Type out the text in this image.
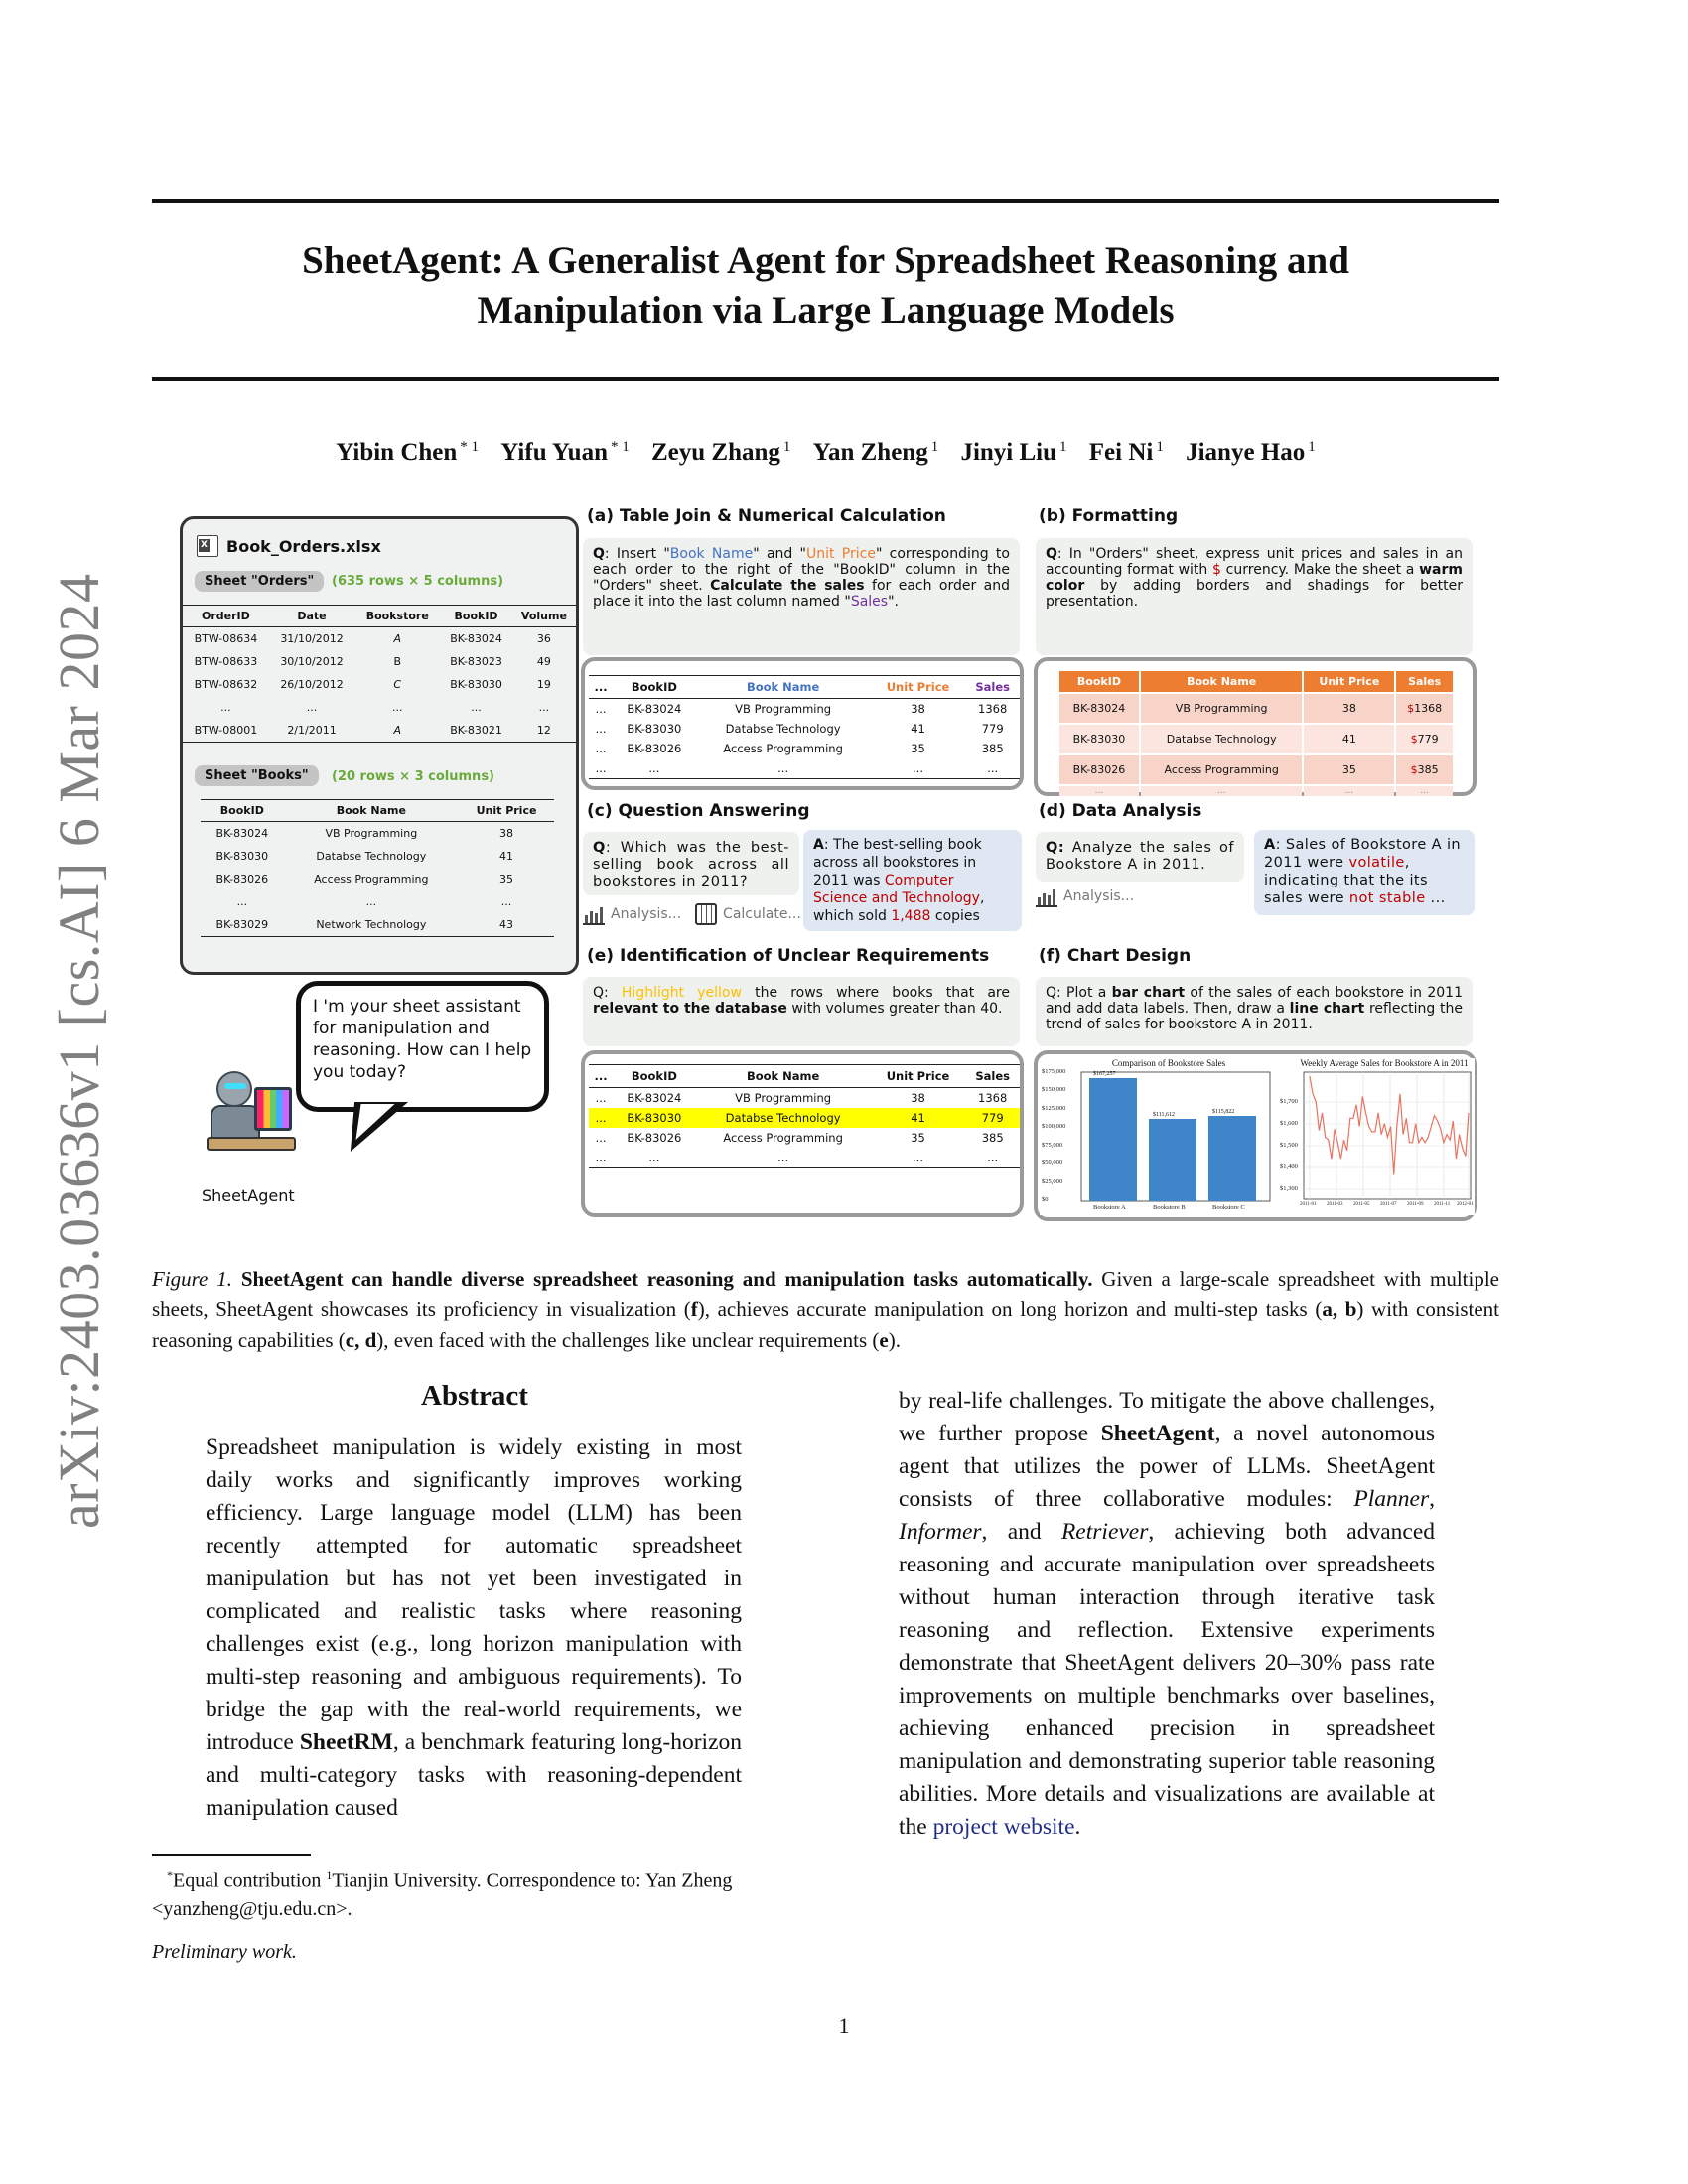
arXiv:2403.03636v1 [cs.AI] 6 Mar 2024
SheetAgent: A Generalist Agent for Spreadsheet Reasoning and
Manipulation via Large Language Models
Yibin Chen $^{* 1}$ Yifu Yuan $^{* 1}$ Zeyu Zhang $^1$ Yan Zheng $^1$ Jinyi Liu $^1$ Fei Ni $^1$ Jianye Hao $^1$
X
Book_Orders.xlsx
Sheet "Orders"	(635 rows × 5 columns)
OrderID	Date	Bookstore	BookID	Volume
BTW-08634	31/10/2012	A	BK-83024	36
BTW-08633	30/10/2012	B	BK-83023	49
BTW-08632	26/10/2012	C	BK-83030	19
...	...	...	...	...
BTW-08001	2/1/2011	A	BK-83021	12
Sheet "Books"	(20 rows × 3 columns)
BookID	Book Name	Unit Price
BK-83024	VB Programming	38
BK-83030	Databse Technology	41
BK-83026	Access Programming	35
...	...	...
BK-83029	Network Technology	43
I 'm your sheet assistant for manipulation and reasoning. How can I help you today?
SheetAgent
(a) Table Join & Numerical Calculation
Q: Insert "Book Name" and "Unit Price" corresponding to each order to the right of the "BookID" column in the "Orders" sheet. Calculate the sales for each order and place it into the last column named "Sales".
...	BookID	Book Name	Unit Price	Sales
...	BK-83024	VB Programming	38	1368
...	BK-83030	Databse Technology	41	779
...	BK-83026	Access Programming	35	385
...	...	...	...	...
(b) Formatting
Q: In "Orders" sheet, express unit prices and sales in an accounting format with $ currency. Make the sheet a warm color by adding borders and shadings for better presentation.
BookID	Book Name	Unit Price	Sales
BK-83024	VB Programming	38	$1368
BK-83030	Databse Technology	41	$779
BK-83026	Access Programming	35	$385
...	...	...	...
(c) Question Answering
Q: Which was the best-selling book across all bookstores in 2011?
Analysis...	Calculate...
A: The best-selling book across all bookstores in 2011 was Computer Science and Technology, which sold 1,488 copies
(d) Data Analysis
Q: Analyze the sales of Bookstore A in 2011.
Analysis...
A: Sales of Bookstore A in 2011 were volatile, indicating that the its sales were not stable ...
(e) Identification of Unclear Requirements
Q: Highlight yellow the rows where books that are relevant to the database with volumes greater than 40.
...	BookID	Book Name	Unit Price	Sales
...	BK-83024	VB Programming	38	1368
...	BK-83030	Databse Technology	41	779
...	BK-83026	Access Programming	35	385
...	...	...	...	...
(f) Chart Design
Q: Plot a bar chart of the sales of each bookstore in 2011 and add data labels. Then, draw a line chart reflecting the trend of sales for bookstore A in 2011.
Comparison of Bookstore Sales
$0
$25,000
$50,000
$75,000
$100,000
$125,000
$150,000
$175,000	$167,257
$111,612	$115,822
Bookstore A	Bookstore B	Bookstore C
Weekly Average Sales for Bookstore A in 2011
$1,300
$1,400
$1,500
$1,600
$1,700
2011-01 2011-03 2011-05 2011-07 2011-09 2011-11 2012-01
Figure 1. SheetAgent can handle diverse spreadsheet reasoning and manipulation tasks automatically. Given a large-scale spreadsheet with multiple sheets, SheetAgent showcases its proficiency in visualization (f), achieves accurate manipulation on long horizon and multi-step tasks (a, b) with consistent reasoning capabilities (c, d), even faced with the challenges like unclear requirements (e).
Abstract
Spreadsheet manipulation is widely existing in most daily works and significantly improves working efficiency. Large language model (LLM) has been recently attempted for automatic spreadsheet manipulation but has not yet been investigated in complicated and realistic tasks where reasoning challenges exist (e.g., long horizon manipulation with multi-step reasoning and ambiguous requirements). To bridge the gap with the real-world requirements, we introduce SheetRM, a benchmark featuring long-horizon and multi-category tasks with reasoning-dependent manipulation caused
by real-life challenges. To mitigate the above challenges, we further propose SheetAgent, a novel autonomous agent that utilizes the power of LLMs. SheetAgent consists of three collaborative modules: Planner, Informer, and Retriever, achieving both advanced reasoning and accurate manipulation over spreadsheets without human interaction through iterative task reasoning and reflection. Extensive experiments demonstrate that SheetAgent delivers 20–30% pass rate improvements on multiple benchmarks over baselines, achieving enhanced precision in spreadsheet manipulation and demonstrating superior table reasoning abilities. More details and visualizations are available at the project website.
*Equal contribution $^1$Tianjin University. Correspondence to: Yan Zheng <yanzheng@tju.edu.cn>.
Preliminary work.
1
